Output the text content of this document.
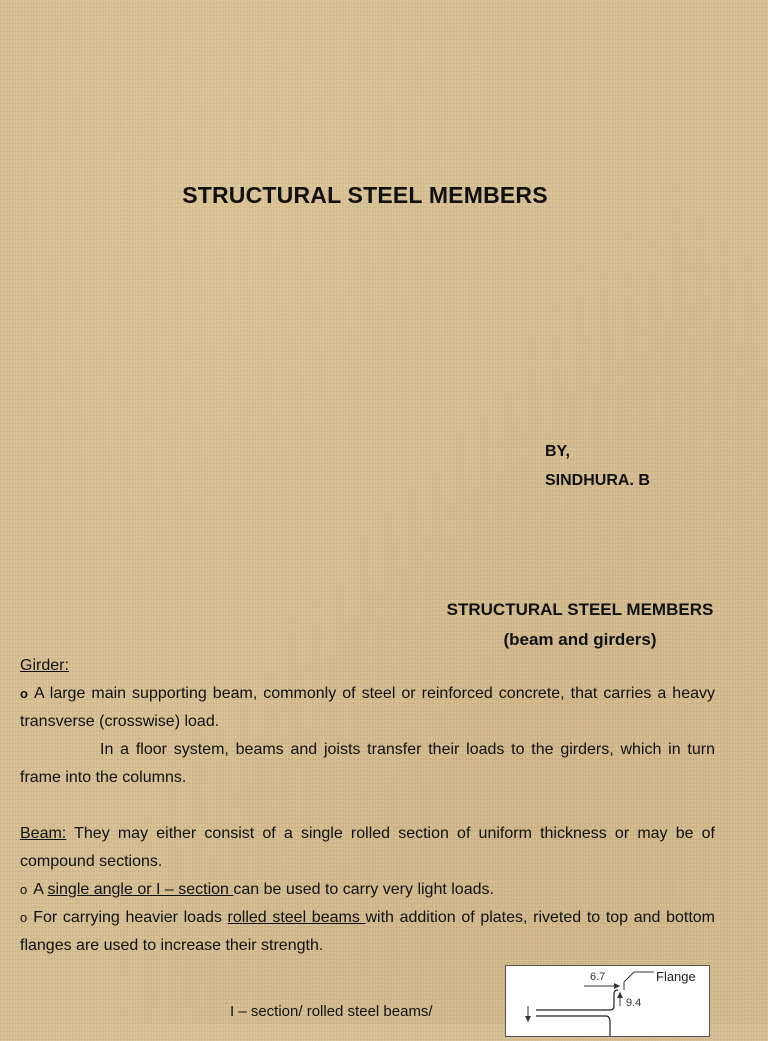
STRUCTURAL STEEL MEMBERS
BY,
SINDHURA. B
STRUCTURAL STEEL MEMBERS
(beam and girders)

Girder:

o A large main supporting beam, commonly of steel or reinforced concrete, that carries a heavy transverse (crosswise) load.

In a floor system, beams and joists transfer their loads to the girders, which in turn frame into the columns.

Beam: They may either consist of a single rolled section of uniform thickness or may be of compound sections.

o A single angle or I – section can be used to carry very light loads.

o For carrying heavier loads rolled steel beams with addition of plates, riveted to top and bottom flanges are used to increase their strength.

I – section/ rolled steel beams/
6.7	Flange
9.4
